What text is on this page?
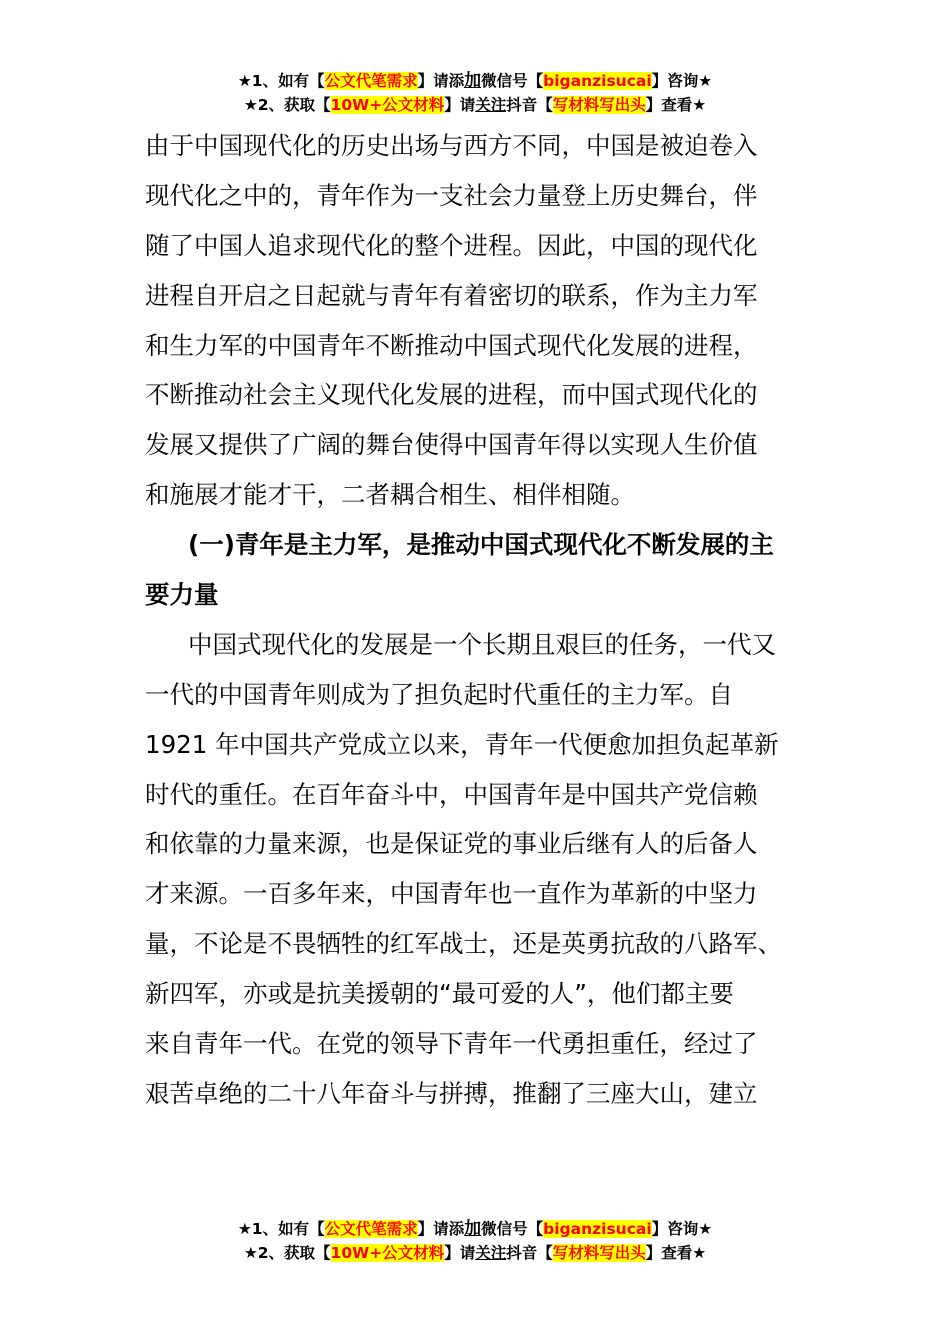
★1、如有【公文代笔需求】请添加微信号【biganzisucai】咨询★
★2、获取【10W+公文材料】请关注抖音【写材料写出头】查看★
由于中国现代化的历史出场与西方不同，中国是被迫卷入
现代化之中的，青年作为一支社会力量登上历史舞台，伴
随了中国人追求现代化的整个进程。因此，中国的现代化
进程自开启之日起就与青年有着密切的联系，作为主力军
和生力军的中国青年不断推动中国式现代化发展的进程，
不断推动社会主义现代化发展的进程，而中国式现代化的
发展又提供了广阔的舞台使得中国青年得以实现人生价值
和施展才能才干，二者耦合相生、相伴相随。
(一)青年是主力军，是推动中国式现代化不断发展的主
要力量
中国式现代化的发展是一个长期且艰巨的任务，一代又
一代的中国青年则成为了担负起时代重任的主力军。自
1921 年中国共产党成立以来，青年一代便愈加担负起革新
时代的重任。在百年奋斗中，中国青年是中国共产党信赖
和依靠的力量来源，也是保证党的事业后继有人的后备人
才来源。一百多年来，中国青年也一直作为革新的中坚力
量，不论是不畏牺牲的红军战士，还是英勇抗敌的八路军、
新四军，亦或是抗美援朝的“最可爱的人”，他们都主要
来自青年一代。在党的领导下青年一代勇担重任，经过了
艰苦卓绝的二十八年奋斗与拼搏，推翻了三座大山，建立
★1、如有【公文代笔需求】请添加微信号【biganzisucai】咨询★
★2、获取【10W+公文材料】请关注抖音【写材料写出头】查看★
